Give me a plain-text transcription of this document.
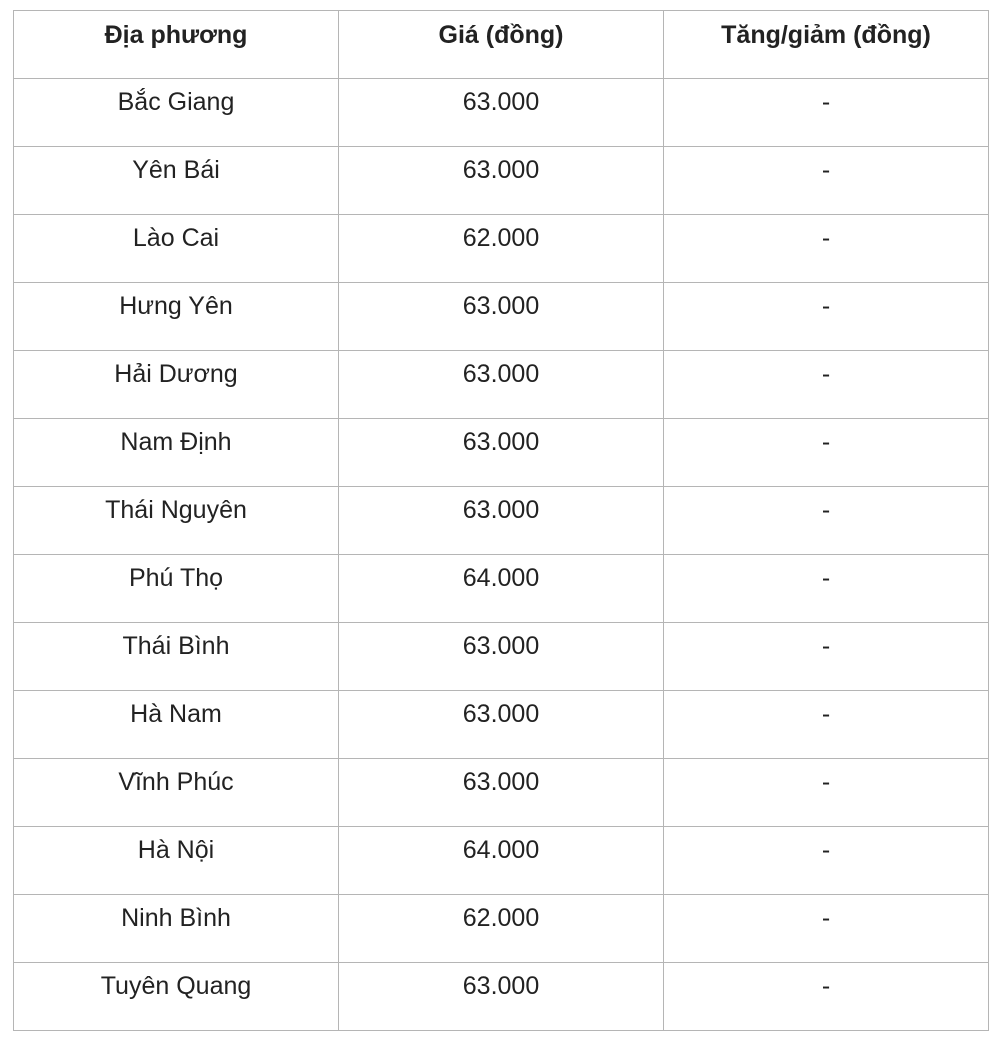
Địa phương	Giá (đồng)	Tăng/giảm (đồng)
Bắc Giang	63.000	-
Yên Bái	63.000	-
Lào Cai	62.000	-
Hưng Yên	63.000	-
Hải Dương	63.000	-
Nam Định	63.000	-
Thái Nguyên	63.000	-
Phú Thọ	64.000	-
Thái Bình	63.000	-
Hà Nam	63.000	-
Vĩnh Phúc	63.000	-
Hà Nội	64.000	-
Ninh Bình	62.000	-
Tuyên Quang	63.000	-
